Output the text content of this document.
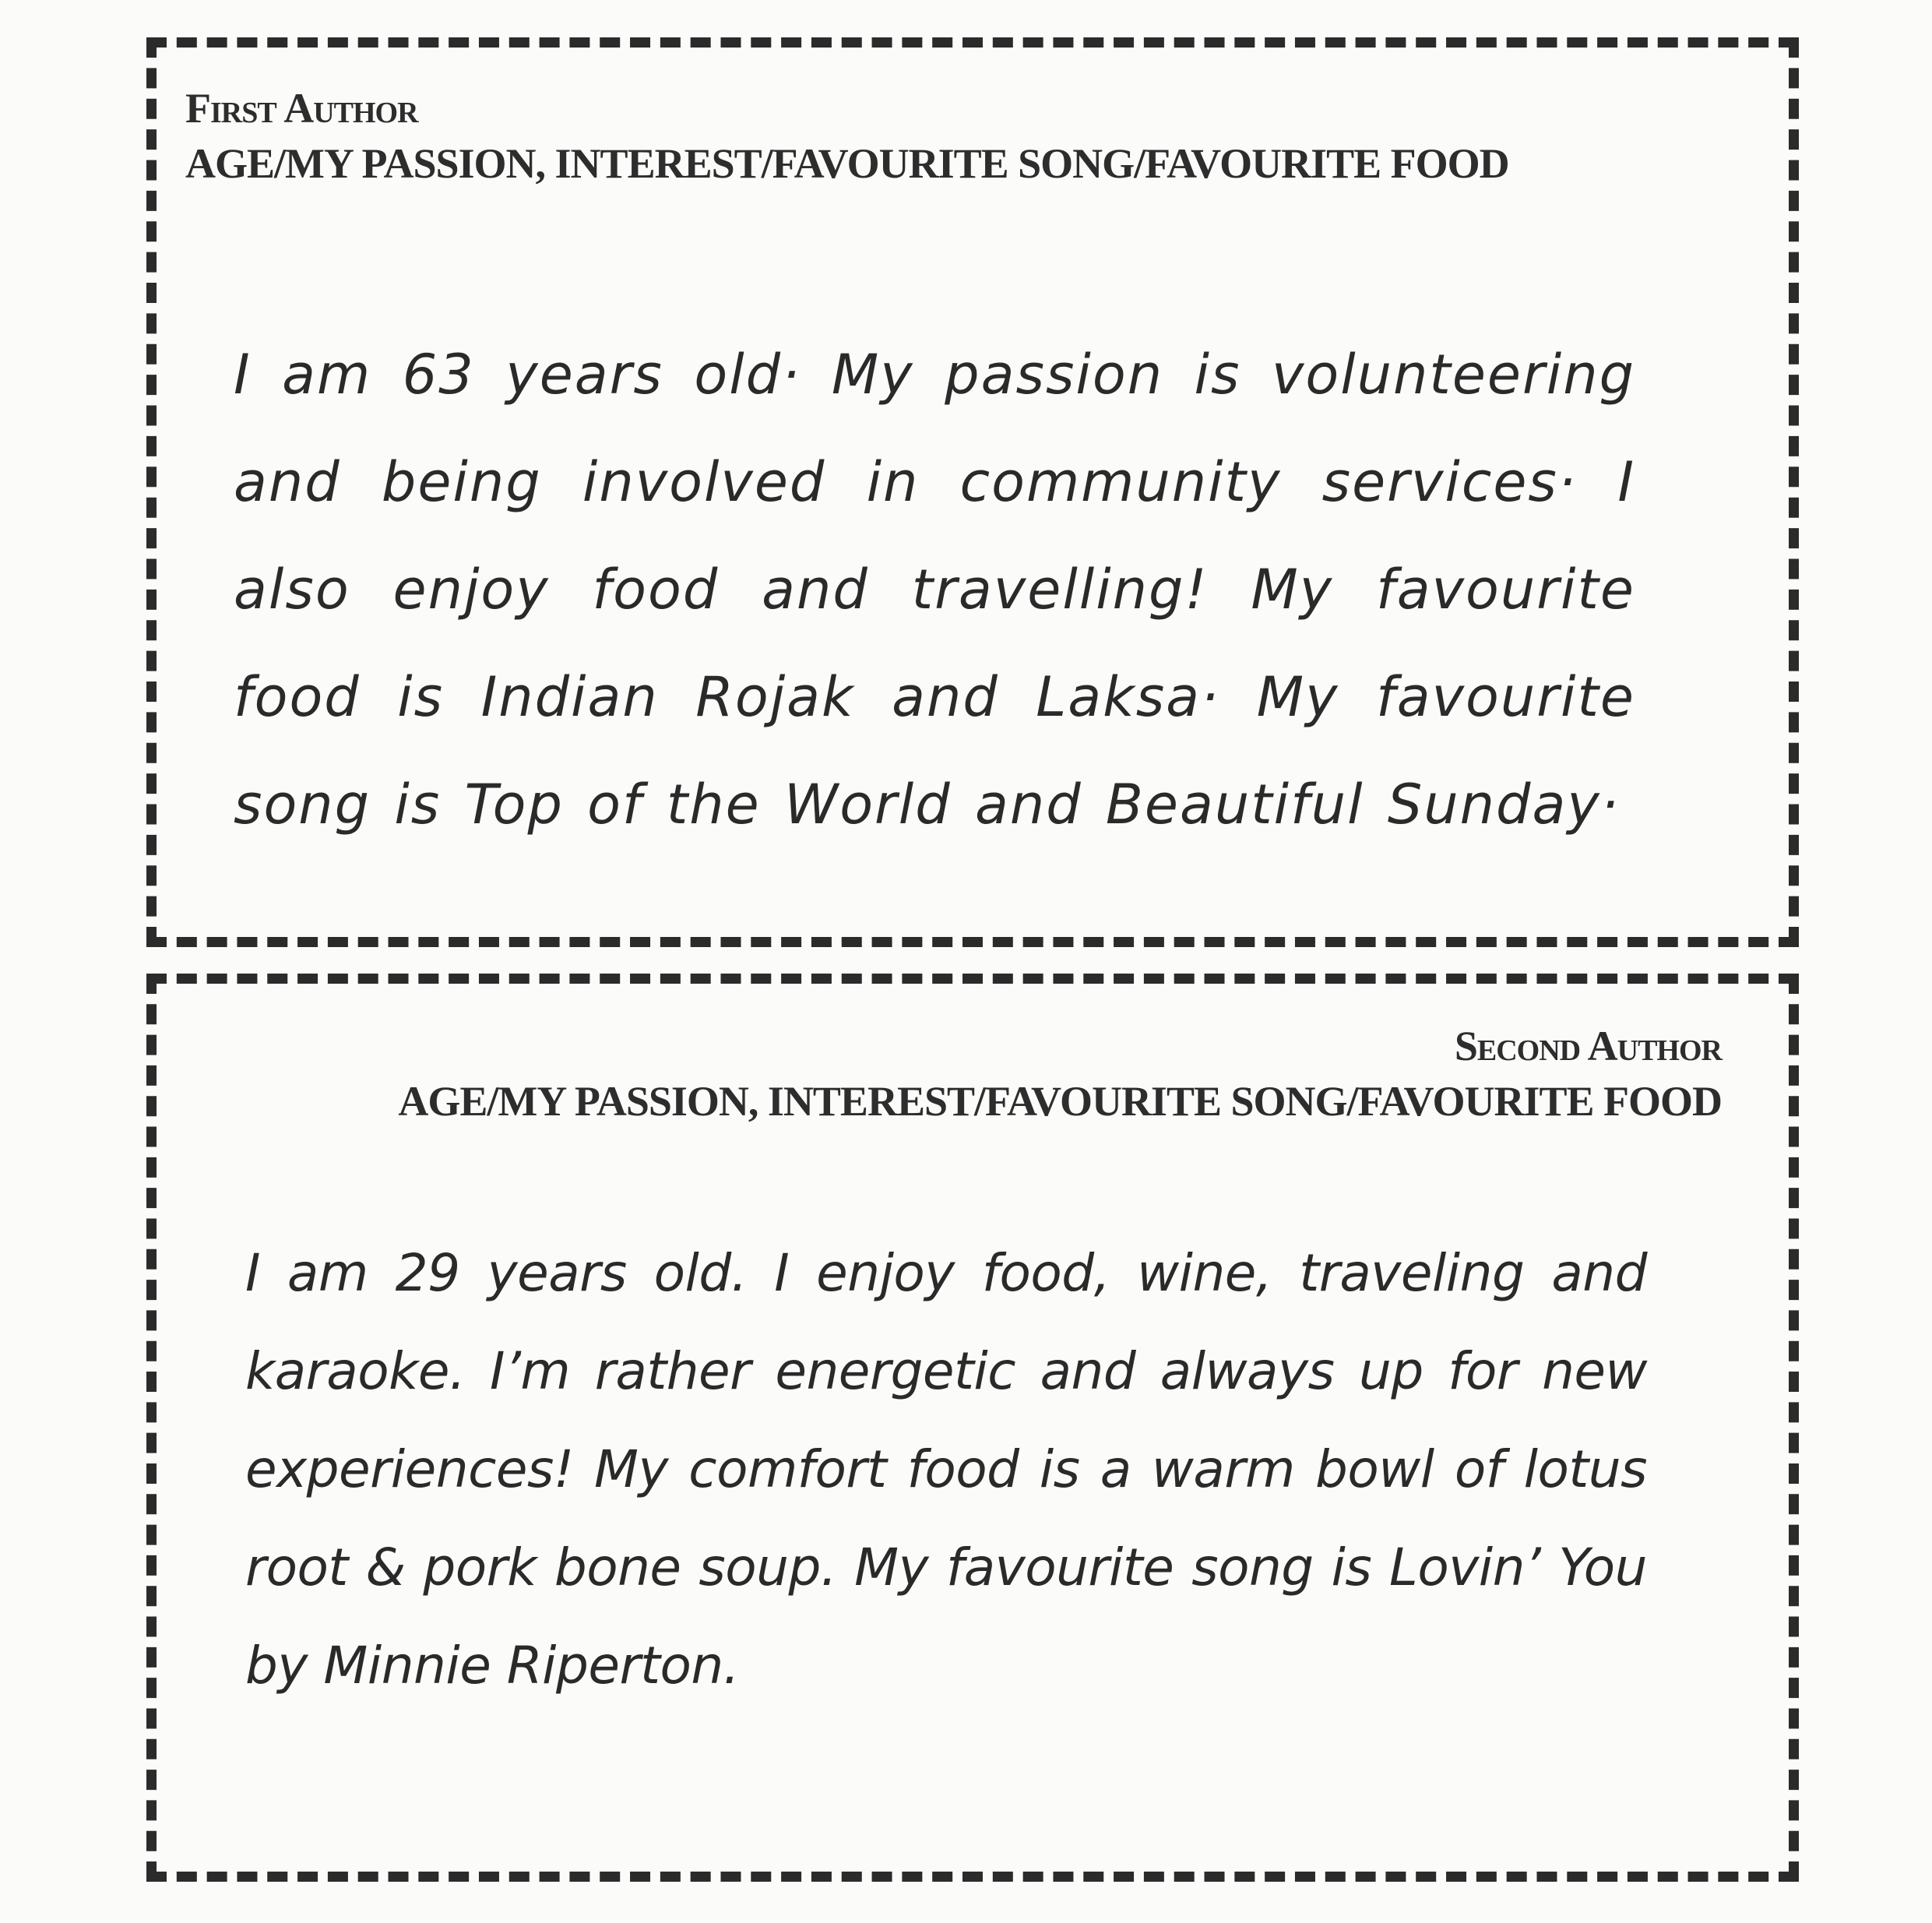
First Author
AGE/MY PASSION, INTEREST/FAVOURITE SONG/FAVOURITE FOOD

I am 63 years old· My passion is volunteering and being involved in community services· I also enjoy food and travelling! My favourite food is Indian Rojak and Laksa· My favourite song is Top of the World and Beautiful Sunday·

Second Author
AGE/MY PASSION, INTEREST/FAVOURITE SONG/FAVOURITE FOOD

I am 29 years old. I enjoy food, wine, traveling and karaoke. I’m rather energetic and always up for new experiences! My comfort food is a warm bowl of lotus root & pork bone soup. My favourite song is Lovin’ You by Minnie Riperton.
